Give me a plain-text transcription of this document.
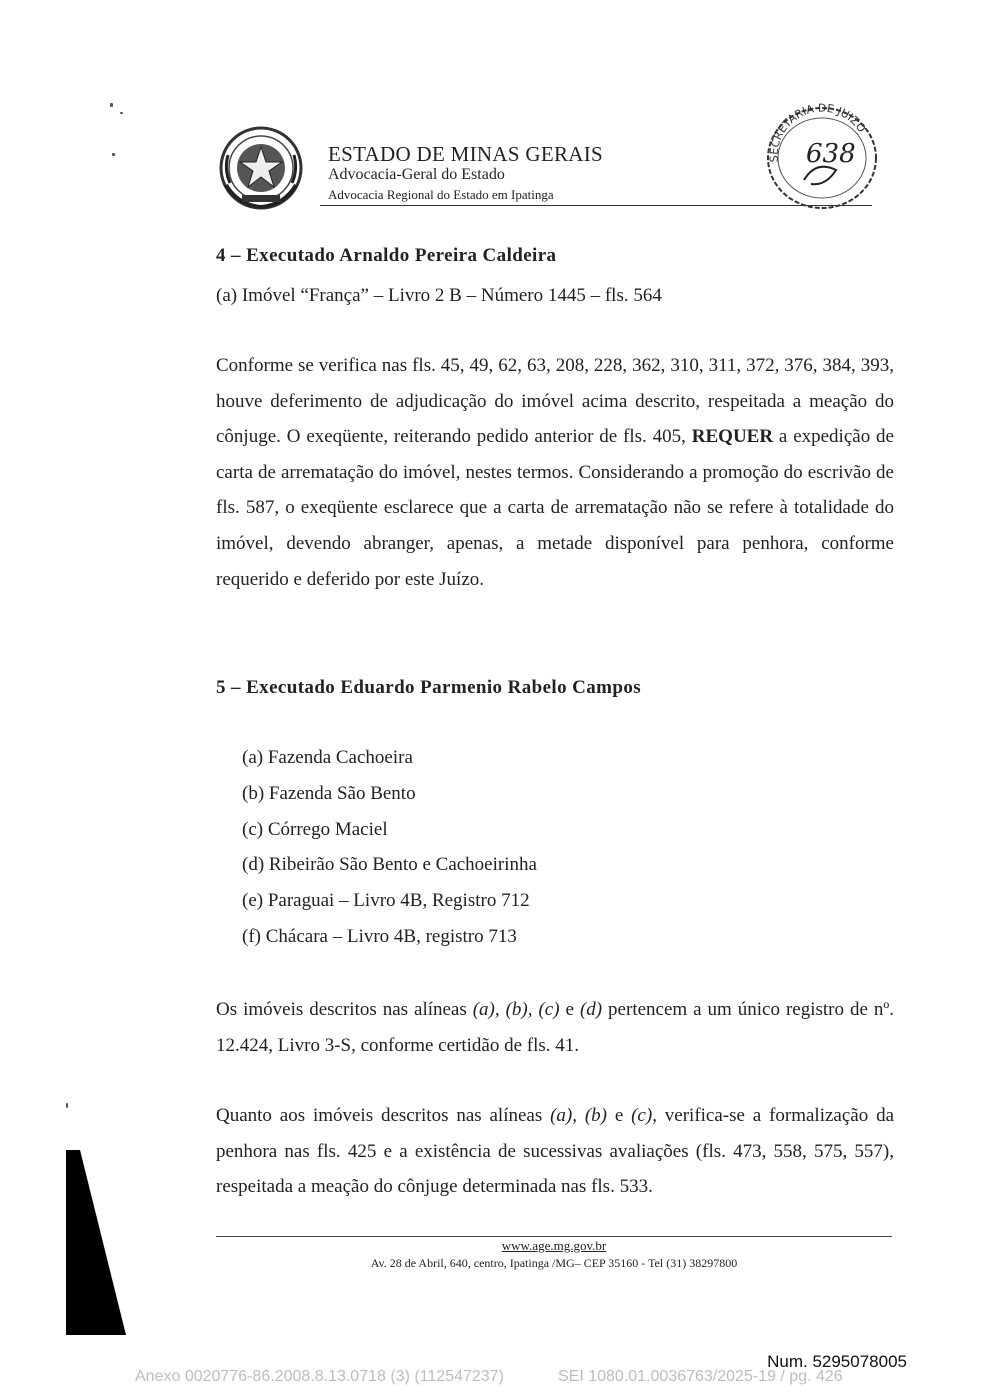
ESTADO DE MINAS GERAIS
Advocacia-Geral do Estado
Advocacia Regional do Estado em Ipatinga
SECRETARIA DE JUIZO
638
4 – Executado Arnaldo Pereira Caldeira
(a) Imóvel “França” – Livro 2 B – Número 1445 – fls. 564
Conforme se verifica nas fls. 45, 49, 62, 63, 208, 228, 362, 310, 311, 372, 376, 384, 393, houve deferimento de adjudicação do imóvel acima descrito, respeitada a meação do cônjuge. O exeqüente, reiterando pedido anterior de fls. 405, REQUER a expedição de carta de arrematação do imóvel, nestes termos. Considerando a promoção do escrivão de fls. 587, o exeqüente esclarece que a carta de arrematação não se refere à totalidade do imóvel, devendo abranger, apenas, a metade disponível para penhora, conforme requerido e deferido por este Juízo.
5 – Executado Eduardo Parmenio Rabelo Campos
(a) Fazenda Cachoeira
(b) Fazenda São Bento
(c) Córrego Maciel
(d) Ribeirão São Bento e Cachoeirinha
(e) Paraguai – Livro 4B, Registro 712
(f) Chácara – Livro 4B, registro 713
Os imóveis descritos nas alíneas (a), (b), (c) e (d) pertencem a um único registro de nº. 12.424, Livro 3-S, conforme certidão de fls. 41.
Quanto aos imóveis descritos nas alíneas (a), (b) e (c), verifica-se a formalização da penhora nas fls. 425 e a existência de sucessivas avaliações (fls. 473, 558, 575, 557), respeitada a meação do cônjuge determinada nas fls. 533.
www.age.mg.gov.br
Av. 28 de Abril, 640, centro, Ipatinga /MG– CEP 35160 - Tel (31) 38297800
Num. 5295078005
Anexo 0020776-86.2008.8.13.0718 (3) (112547237)	SEI 1080.01.0036763/2025-19 / pg. 426
